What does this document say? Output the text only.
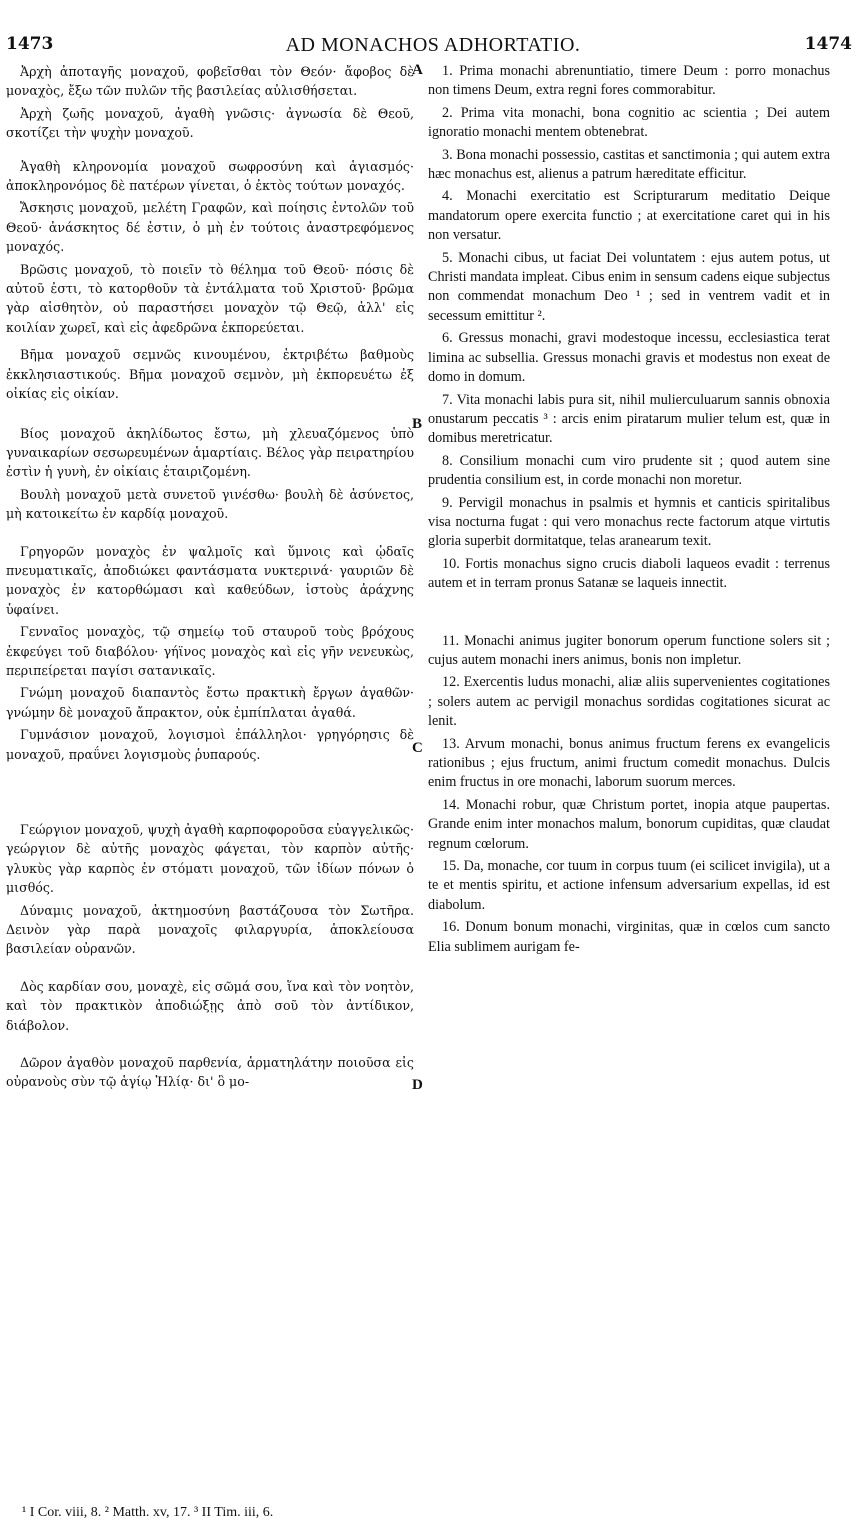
1473	AD MONACHOS ADHORTATIO.	1474

Ἀρχὴ ἀποταγῆς μοναχοῦ, φοβεῖσθαι τὸν Θεόν· ἄφοβος δὲ μοναχὸς, ἔξω τῶν πυλῶν τῆς βασιλείας αὐλισθήσεται.

Ἀρχὴ ζωῆς μοναχοῦ, ἀγαθὴ γνῶσις· ἀγνωσία δὲ Θεοῦ, σκοτίζει τὴν ψυχὴν μοναχοῦ.

Ἀγαθὴ κληρονομία μοναχοῦ σωφροσύνη καὶ ἁγιασμός· ἀποκληρονόμος δὲ πατέρων γίνεται, ὁ ἐκτὸς τούτων μοναχός.

Ἄσκησις μοναχοῦ, μελέτη Γραφῶν, καὶ ποίησις ἐντολῶν τοῦ Θεοῦ· ἀνάσκητος δέ ἐστιν, ὁ μὴ ἐν τούτοις ἀναστρεφόμενος μοναχός.

Βρῶσις μοναχοῦ, τὸ ποιεῖν τὸ θέλημα τοῦ Θεοῦ· πόσις δὲ αὐτοῦ ἐστι, τὸ κατορθοῦν τὰ ἐντάλματα τοῦ Χριστοῦ· βρῶμα γὰρ αἰσθητὸν, οὐ παραστήσει μοναχὸν τῷ Θεῷ, ἀλλ' εἰς κοιλίαν χωρεῖ, καὶ εἰς ἀφεδρῶνα ἐκπορεύεται.

Βῆμα μοναχοῦ σεμνῶς κινουμένου, ἐκτριβέτω βαθμοὺς ἐκκλησιαστικούς. Βῆμα μοναχοῦ σεμνὸν, μὴ ἐκπορευέτω ἐξ οἰκίας εἰς οἰκίαν.

Βίος μοναχοῦ ἀκηλίδωτος ἔστω, μὴ χλευαζόμενος ὑπὸ γυναικαρίων σεσωρευμένων ἁμαρτίαις. Βέλος γὰρ πειρατηρίου ἐστὶν ἡ γυνὴ, ἐν οἰκίαις ἑταιριζομένη.

Βουλὴ μοναχοῦ μετὰ συνετοῦ γινέσθω· βουλὴ δὲ ἀσύνετος, μὴ κατοικείτω ἐν καρδίᾳ μοναχοῦ.

Γρηγορῶν μοναχὸς ἐν ψαλμοῖς καὶ ὕμνοις καὶ ᾠδαῖς πνευματικαῖς, ἀποδιώκει φαντάσματα νυκτερινά· γαυριῶν δὲ μοναχὸς ἐν κατορθώμασι καὶ καθεύδων, ἱστοὺς ἀράχνης ὑφαίνει.

Γενναῖος μοναχὸς, τῷ σημείῳ τοῦ σταυροῦ τοὺς βρόχους ἐκφεύγει τοῦ διαβόλου· γήϊνος μοναχὸς καὶ εἰς γῆν νενευκὼς, περιπείρεται παγίσι σατανικαῖς.

Γνώμη μοναχοῦ διαπαντὸς ἔστω πρακτικὴ ἔργων ἀγαθῶν· γνώμην δὲ μοναχοῦ ἄπρακτον, οὐκ ἐμπίπλαται ἀγαθά.

Γυμνάσιον μοναχοῦ, λογισμοὶ ἐπάλληλοι· γρηγόρησις δὲ μοναχοῦ, πραΰνει λογισμοὺς ῥυπαρούς.

Γεώργιον μοναχοῦ, ψυχὴ ἀγαθὴ καρποφοροῦσα εὐαγγελικῶς· γεώργιον δὲ αὐτῆς μοναχὸς φάγεται, τὸν καρπὸν αὐτῆς· γλυκὺς γὰρ καρπὸς ἐν στόματι μοναχοῦ, τῶν ἰδίων πόνων ὁ μισθός.

Δύναμις μοναχοῦ, ἀκτημοσύνη βαστάζουσα τὸν Σωτῆρα. Δεινὸν γὰρ παρὰ μοναχοῖς φιλαργυρία, ἀποκλείουσα βασιλείαν οὐρανῶν.

Δὸς καρδίαν σου, μοναχὲ, εἰς σῶμά σου, ἵνα καὶ τὸν νοητὸν, καὶ τὸν πρακτικὸν ἀποδιώξῃς ἀπὸ σοῦ τὸν ἀντίδικον, διάβολον.

Δῶρον ἀγαθὸν μοναχοῦ παρθενία, ἁρματηλάτην ποιοῦσα εἰς οὐρανοὺς σὺν τῷ ἁγίῳ Ἠλίᾳ· δι' ὃ μο-

1. Prima monachi abrenuntiatio, timere Deum : porro monachus non timens Deum, extra regni fores commorabitur.

2. Prima vita monachi, bona cognitio ac scientia ; Dei autem ignoratio monachi mentem obtenebrat.

3. Bona monachi possessio, castitas et sanctimonia ; qui autem extra hæc monachus est, alienus a patrum hæreditate efficitur.

4. Monachi exercitatio est Scripturarum meditatio Deique mandatorum opere exercita functio ; at exercitatione caret qui in his non versatur.

5. Monachi cibus, ut faciat Dei voluntatem : ejus autem potus, ut Christi mandata impleat. Cibus enim in sensum cadens eique subjectus non commendat monachum Deo ¹ ; sed in ventrem vadit et in secessum emittitur ².

6. Gressus monachi, gravi modestoque incessu, ecclesiastica terat limina ac subsellia. Gressus monachi gravis et modestus non exeat de domo in domum.

7. Vita monachi labis pura sit, nihil mulierculuarum sannis obnoxia onustarum peccatis ³ : arcis enim piratarum mulier telum est, quæ in domibus meretricatur.

8. Consilium monachi cum viro prudente sit ; quod autem sine prudentia consilium est, in corde monachi non moretur.

9. Pervigil monachus in psalmis et hymnis et canticis spiritalibus visa nocturna fugat : qui vero monachus recte factorum atque virtutis gloria superbit dormitatque, telas aranearum texit.

10. Fortis monachus signo crucis diaboli laqueos evadit : terrenus autem et in terram pronus Satanæ se laqueis innectit.

11. Monachi animus jugiter bonorum operum functione solers sit ; cujus autem monachi iners animus, bonis non impletur.

12. Exercentis ludus monachi, aliæ aliis supervenientes cogitationes ; solers autem ac pervigil monachus sordidas cogitationes sicurat ac lenit.

13. Arvum monachi, bonus animus fructum ferens ex evangelicis rationibus ; ejus fructum, animi fructum comedit monachus. Dulcis enim fructus in ore monachi, laborum suorum merces.

14. Monachi robur, quæ Christum portet, inopia atque paupertas. Grande enim inter monachos malum, bonorum cupiditas, quæ claudat regnum cœlorum.

15. Da, monache, cor tuum in corpus tuum (ei scilicet invigila), ut a te et mentis spiritu, et actione infensum adversarium expellas, id est diabolum.

16. Donum bonum monachi, virginitas, quæ in cœlos cum sancto Elia sublimem aurigam fe-

A
B
C
D
¹ I Cor. viii, 8. ² Matth. xv, 17. ³ II Tim. iii, 6.
